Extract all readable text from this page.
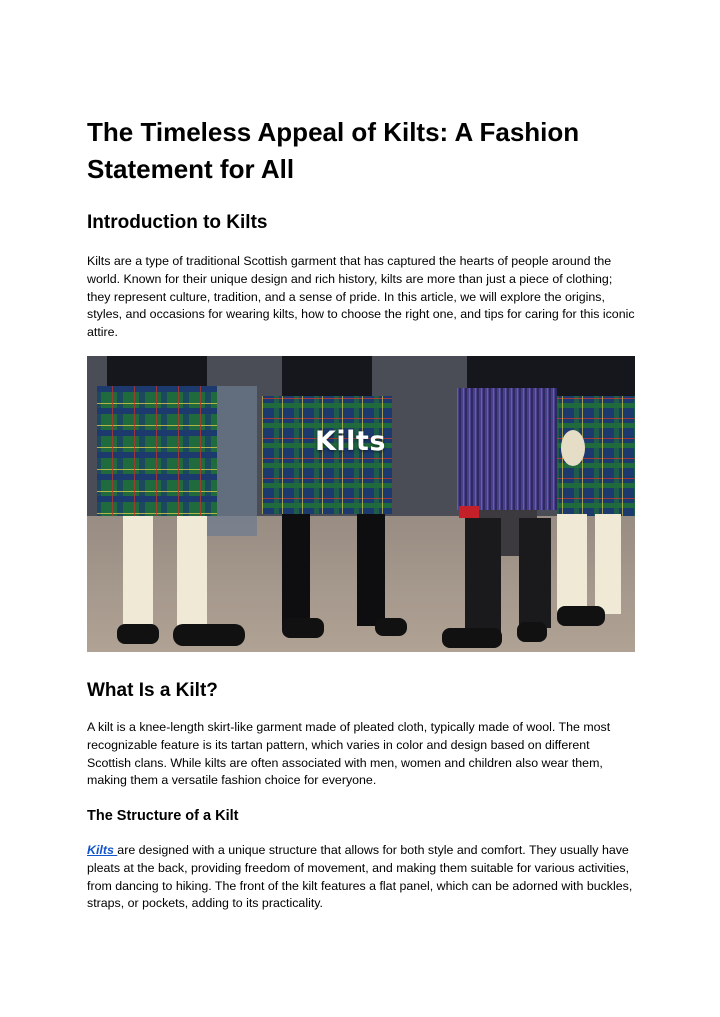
The Timeless Appeal of Kilts: A Fashion Statement for All
Introduction to Kilts

Kilts are a type of traditional Scottish garment that has captured the hearts of people around the world. Known for their unique design and rich history, kilts are more than just a piece of clothing; they represent culture, tradition, and a sense of pride. In this article, we will explore the origins, styles, and occasions for wearing kilts, how to choose the right one, and tips for caring for this iconic attire.

Kilts
What Is a Kilt?

A kilt is a knee-length skirt-like garment made of pleated cloth, typically made of wool. The most recognizable feature is its tartan pattern, which varies in color and design based on different Scottish clans. While kilts are often associated with men, women and children also wear them, making them a versatile fashion choice for everyone.

The Structure of a Kilt

Kilts are designed with a unique structure that allows for both style and comfort. They usually have pleats at the back, providing freedom of movement, and making them suitable for various activities, from dancing to hiking. The front of the kilt features a flat panel, which can be adorned with buckles, straps, or pockets, adding to its practicality.
